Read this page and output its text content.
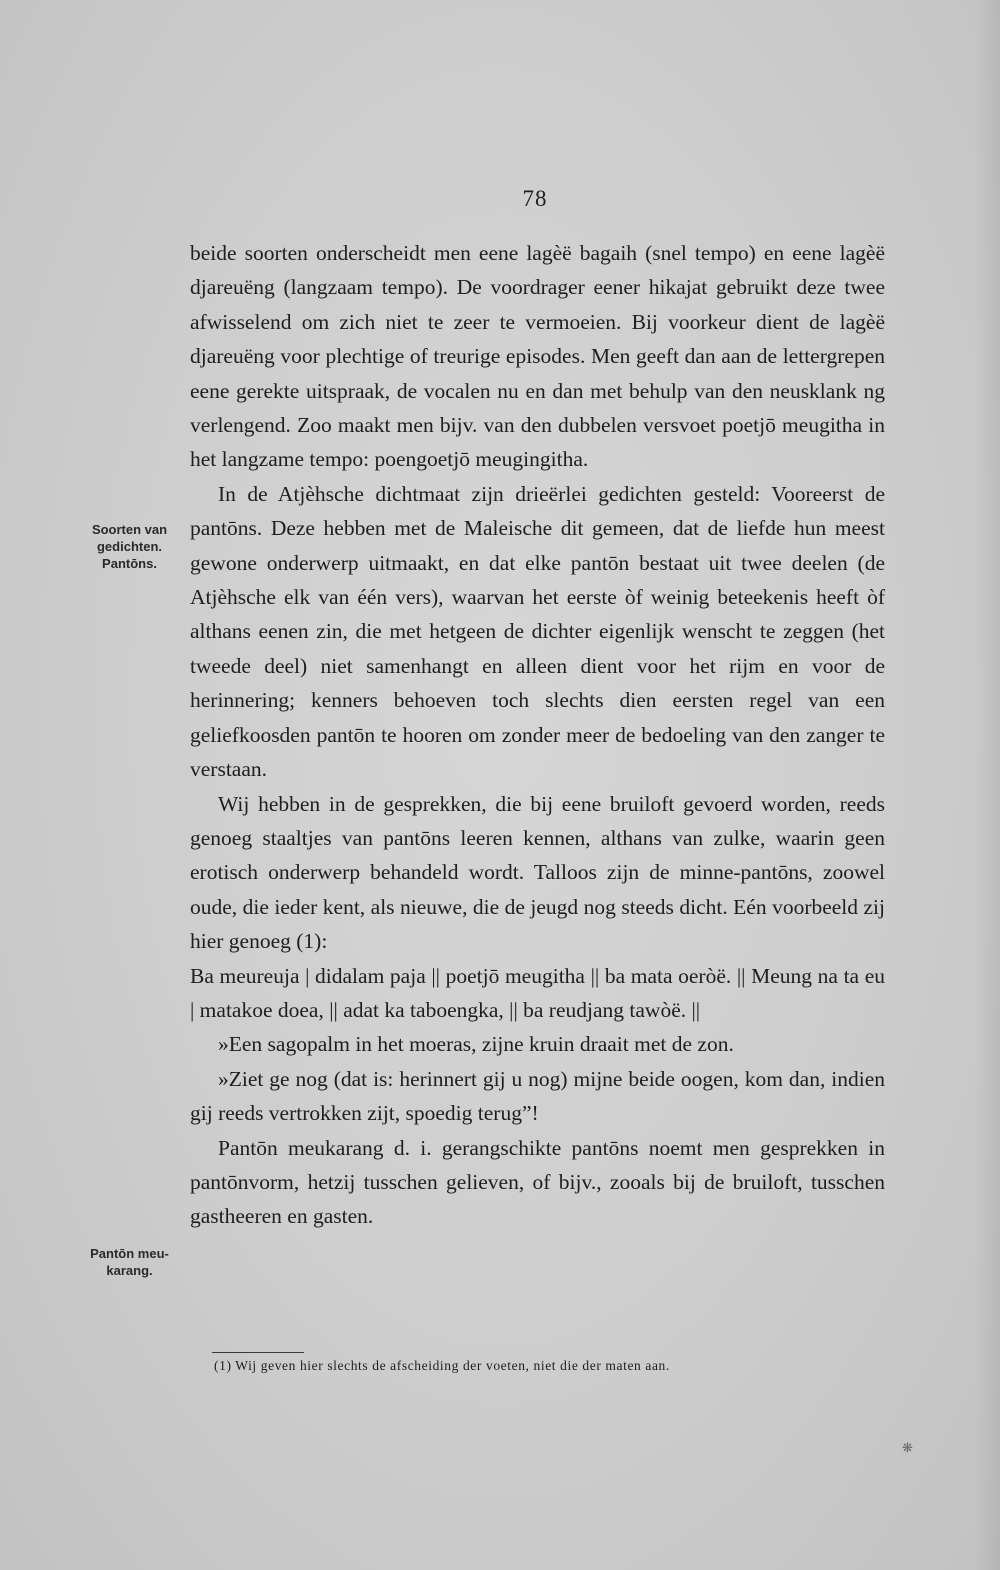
78
Soorten van
gedichten.
Pantōns.
Pantōn meu-
karang.

beide soorten onderscheidt men eene lagèë bagaih (snel tempo) en eene lagèë djareuëng (langzaam tempo). De voordrager eener hikajat gebruikt deze twee afwisselend om zich niet te zeer te vermoeien. Bij voorkeur dient de lagèë djareuëng voor plechtige of treurige episodes. Men geeft dan aan de lettergrepen eene gerekte uitspraak, de vocalen nu en dan met behulp van den neusklank ng verlengend. Zoo maakt men bijv. van den dubbelen versvoet poetjō meugitha in het langzame tempo: poengoetjō meugingitha.

In de Atjèhsche dichtmaat zijn drieërlei gedichten gesteld: Vooreerst de pantōns. Deze hebben met de Maleische dit gemeen, dat de liefde hun meest gewone onderwerp uitmaakt, en dat elke pantōn bestaat uit twee deelen (de Atjèhsche elk van één vers), waarvan het eerste òf weinig beteekenis heeft òf althans eenen zin, die met hetgeen de dichter eigenlijk wenscht te zeggen (het tweede deel) niet samenhangt en alleen dient voor het rijm en voor de herinnering; kenners behoeven toch slechts dien eersten regel van een geliefkoosden pantōn te hooren om zonder meer de bedoeling van den zanger te verstaan.

Wij hebben in de gesprekken, die bij eene bruiloft gevoerd worden, reeds genoeg staaltjes van pantōns leeren kennen, althans van zulke, waarin geen erotisch onderwerp behandeld wordt. Talloos zijn de minne-pantōns, zoowel oude, die ieder kent, als nieuwe, die de jeugd nog steeds dicht. Eén voorbeeld zij hier genoeg (1):

Ba meureuja | didalam paja || poetjō meugitha || ba mata oeròë. || Meung na ta eu | matakoe doea, || adat ka taboengka, || ba reudjang tawòë. ||

»Een sagopalm in het moeras, zijne kruin draait met de zon.

»Ziet ge nog (dat is: herinnert gij u nog) mijne beide oogen, kom dan, indien gij reeds vertrokken zijt, spoedig terug”!

Pantōn meukarang d. i. gerangschikte pantōns noemt men gesprekken in pantōnvorm, hetzij tusschen gelieven, of bijv., zooals bij de bruiloft, tusschen gastheeren en gasten.

(1) Wij geven hier slechts de afscheiding der voeten, niet die der maten aan.
❋
